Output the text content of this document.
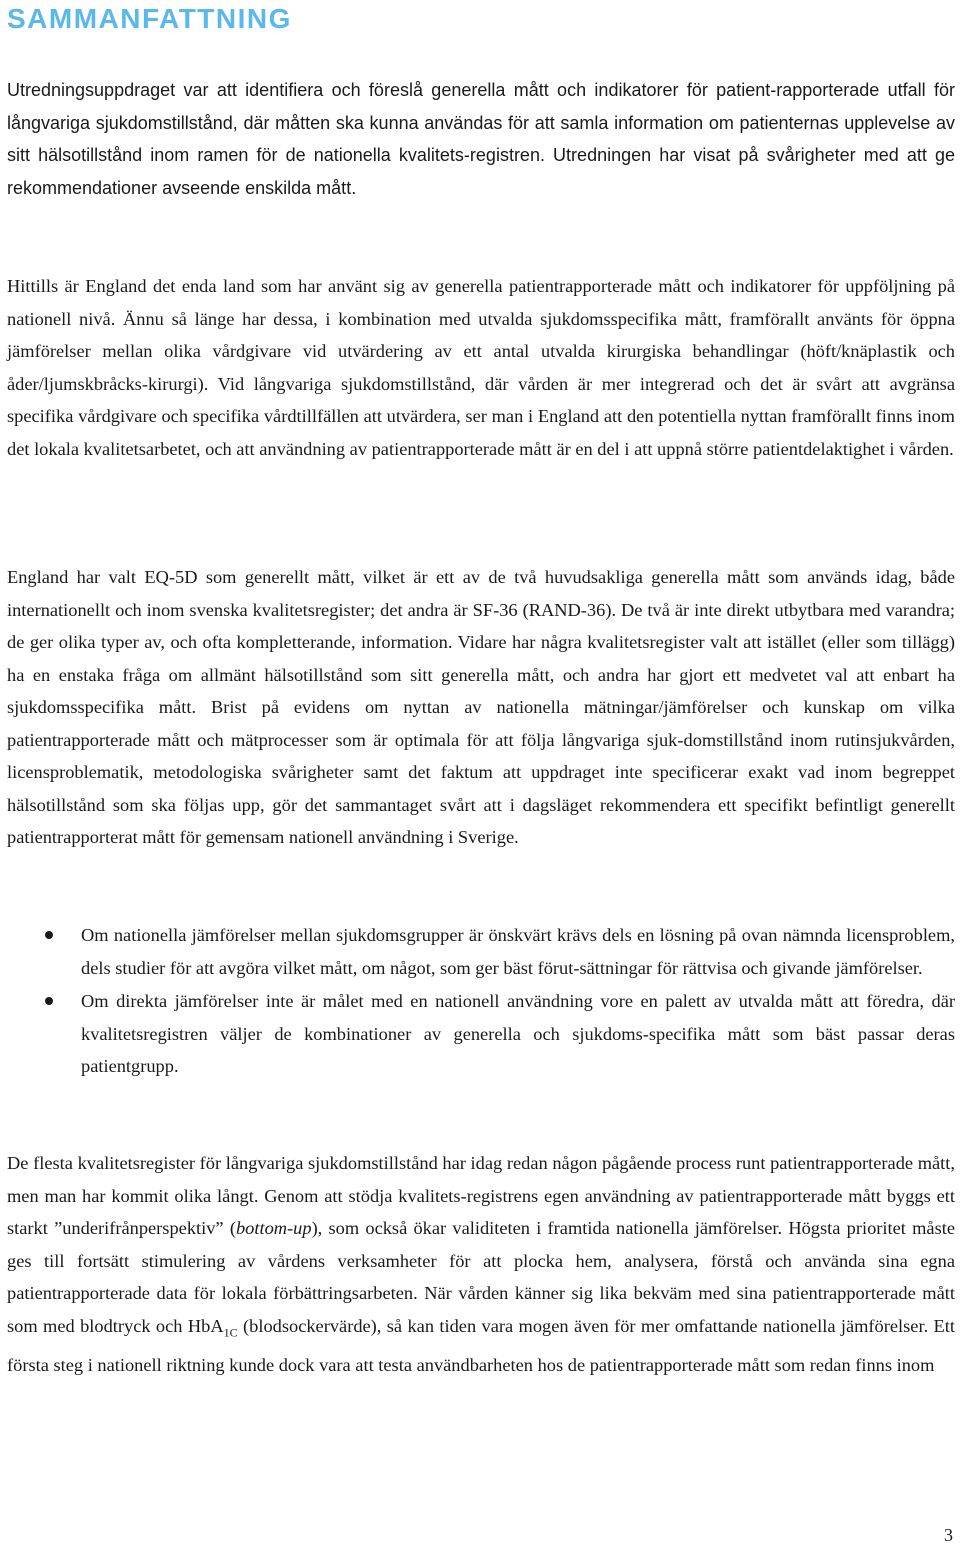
SAMMANFATTNING

Utredningsuppdraget var att identifiera och föreslå generella mått och indikatorer för patient-rapporterade utfall för långvariga sjukdomstillstånd, där måtten ska kunna användas för att samla information om patienternas upplevelse av sitt hälsotillstånd inom ramen för de nationella kvalitets-registren. Utredningen har visat på svårigheter med att ge rekommendationer avseende enskilda mått.

Hittills är England det enda land som har använt sig av generella patientrapporterade mått och indikatorer för uppföljning på nationell nivå. Ännu så länge har dessa, i kombination med utvalda sjukdomsspecifika mått, framförallt använts för öppna jämförelser mellan olika vårdgivare vid utvärdering av ett antal utvalda kirurgiska behandlingar (höft/knäplastik och åder/ljumskbråcks-kirurgi). Vid långvariga sjukdomstillstånd, där vården är mer integrerad och det är svårt att avgränsa specifika vårdgivare och specifika vårdtillfällen att utvärdera, ser man i England att den potentiella nyttan framförallt finns inom det lokala kvalitetsarbetet, och att användning av patientrapporterade mått är en del i att uppnå större patientdelaktighet i vården.

England har valt EQ-5D som generellt mått, vilket är ett av de två huvudsakliga generella mått som används idag, både internationellt och inom svenska kvalitetsregister; det andra är SF-36 (RAND-36). De två är inte direkt utbytbara med varandra; de ger olika typer av, och ofta kompletterande, information. Vidare har några kvalitetsregister valt att istället (eller som tillägg) ha en enstaka fråga om allmänt hälsotillstånd som sitt generella mått, och andra har gjort ett medvetet val att enbart ha sjukdomsspecifika mått. Brist på evidens om nyttan av nationella mätningar/jämförelser och kunskap om vilka patientrapporterade mått och mätprocesser som är optimala för att följa långvariga sjuk-domstillstånd inom rutinsjukvården, licensproblematik, metodologiska svårigheter samt det faktum att uppdraget inte specificerar exakt vad inom begreppet hälsotillstånd som ska följas upp, gör det sammantaget svårt att i dagsläget rekommendera ett specifikt befintligt generellt patientrapporterat mått för gemensam nationell användning i Sverige.

Om nationella jämförelser mellan sjukdomsgrupper är önskvärt krävs dels en lösning på ovan nämnda licensproblem, dels studier för att avgöra vilket mått, om något, som ger bäst förut-sättningar för rättvisa och givande jämförelser.
Om direkta jämförelser inte är målet med en nationell användning vore en palett av utvalda mått att föredra, där kvalitetsregistren väljer de kombinationer av generella och sjukdoms-specifika mått som bäst passar deras patientgrupp.

De flesta kvalitetsregister för långvariga sjukdomstillstånd har idag redan någon pågående process runt patientrapporterade mått, men man har kommit olika långt. Genom att stödja kvalitets-registrens egen användning av patientrapporterade mått byggs ett starkt ”underifrånperspektiv” (bottom-up), som också ökar validiteten i framtida nationella jämförelser. Högsta prioritet måste ges till fortsätt stimulering av vårdens verksamheter för att plocka hem, analysera, förstå och använda sina egna patientrapporterade data för lokala förbättringsarbeten. När vården känner sig lika bekväm med sina patientrapporterade mått som med blodtryck och HbA$_{1C}$ (blodsockervärde), så kan tiden vara mogen även för mer omfattande nationella jämförelser. Ett första steg i nationell riktning kunde dock vara att testa användbarheten hos de patientrapporterade mått som redan finns inom

3
